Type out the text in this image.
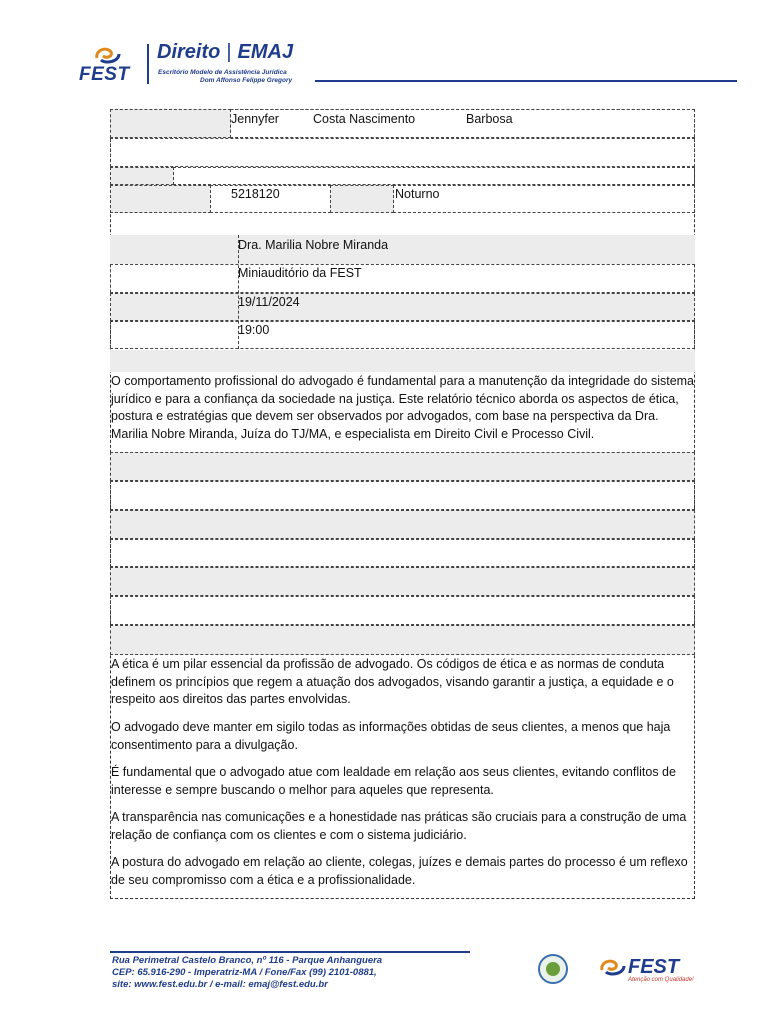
FEST
Direito | EMAJ
Escritório Modelo de Assistência Jurídica
Dom Affonso Felippe Gregory
Jennyfer	Costa Nascimento	Barbosa
5218120	Noturno
Dra. Marilia Nobre Miranda
Miniauditório da FEST
19/11/2024
19:00

O comportamento profissional do advogado é fundamental para a manutenção da integridade do sistema jurídico e para a confiança da sociedade na justiça. Este relatório técnico aborda os aspectos de ética, postura e estratégias que devem ser observados por advogados, com base na perspectiva da Dra. Marilia Nobre Miranda, Juíza do TJ/MA, e especialista em Direito Civil e Processo Civil.

A ética é um pilar essencial da profissão de advogado. Os códigos de ética e as normas de conduta definem os princípios que regem a atuação dos advogados, visando garantir a justiça, a equidade e o respeito aos direitos das partes envolvidas.

O advogado deve manter em sigilo todas as informações obtidas de seus clientes, a menos que haja consentimento para a divulgação.

É fundamental que o advogado atue com lealdade em relação aos seus clientes, evitando conflitos de interesse e sempre buscando o melhor para aqueles que representa.

A transparência nas comunicações e a honestidade nas práticas são cruciais para a construção de uma relação de confiança com os clientes e com o sistema judiciário.

A postura do advogado em relação ao cliente, colegas, juízes e demais partes do processo é um reflexo de seu compromisso com a ética e a profissionalidade.

Rua Perimetral Castelo Branco, nº 116 - Parque Anhanguera
CEP: 65.916-290 - Imperatriz-MA / Fone/Fax (99) 2101-0881,
site: www.fest.edu.br / e-mail: emaj@fest.edu.br
FEST
Atenção com Qualidade!
